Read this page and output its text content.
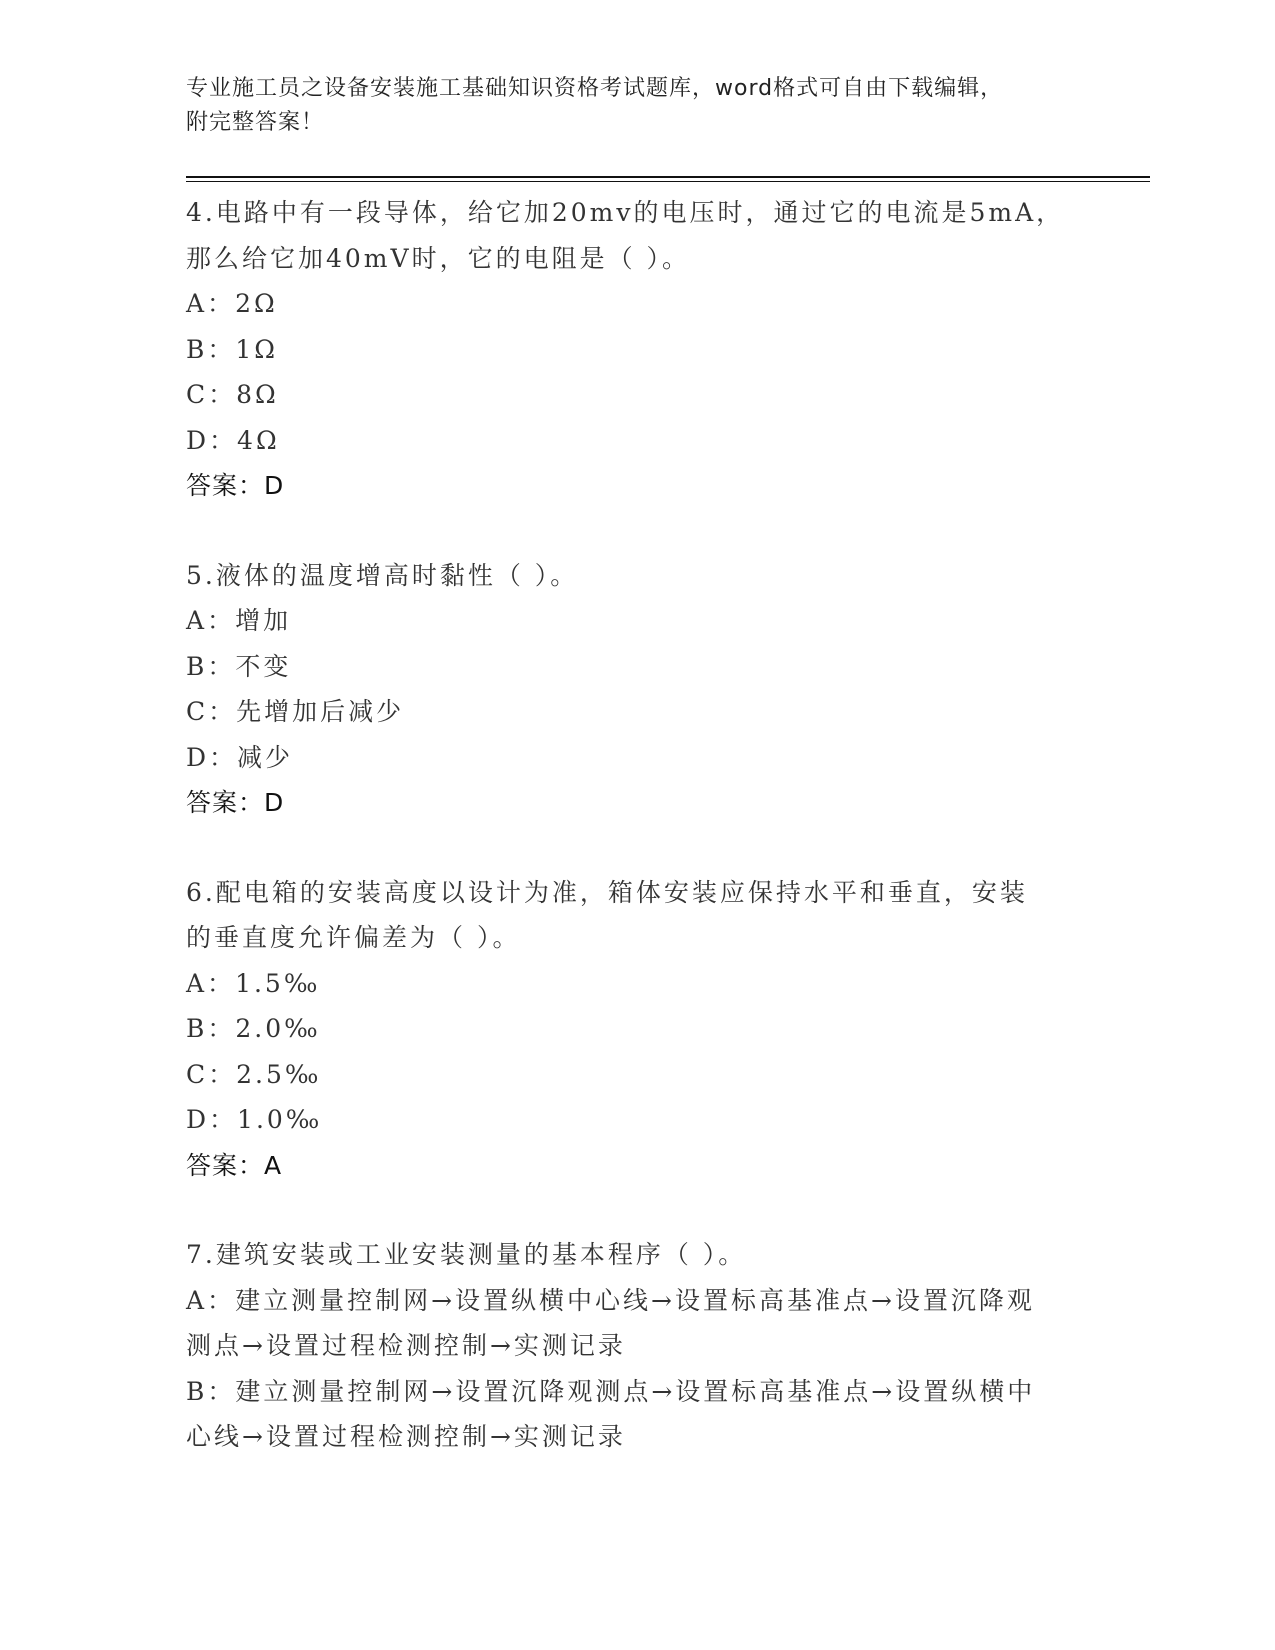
专业施工员之设备安装施工基础知识资格考试题库，word格式可自由下载编辑，
附完整答案！
4.电路中有一段导体，给它加20mv的电压时，通过它的电流是5mA，
那么给它加40mV时，它的电阻是（ ）。
A：2Ω
B：1Ω
C：8Ω
D：4Ω
答案：D
5.液体的温度增高时黏性（ ）。
A：增加
B：不变
C：先增加后减少
D：减少
答案：D
6.配电箱的安装高度以设计为准，箱体安装应保持水平和垂直，安装
的垂直度允许偏差为（ ）。
A：1.5‰
B：2.0‰
C：2.5‰
D：1.0‰
答案：A
7.建筑安装或工业安装测量的基本程序（ ）。
A：建立测量控制网→设置纵横中心线→设置标高基准点→设置沉降观
测点→设置过程检测控制→实测记录
B：建立测量控制网→设置沉降观测点→设置标高基准点→设置纵横中
心线→设置过程检测控制→实测记录
